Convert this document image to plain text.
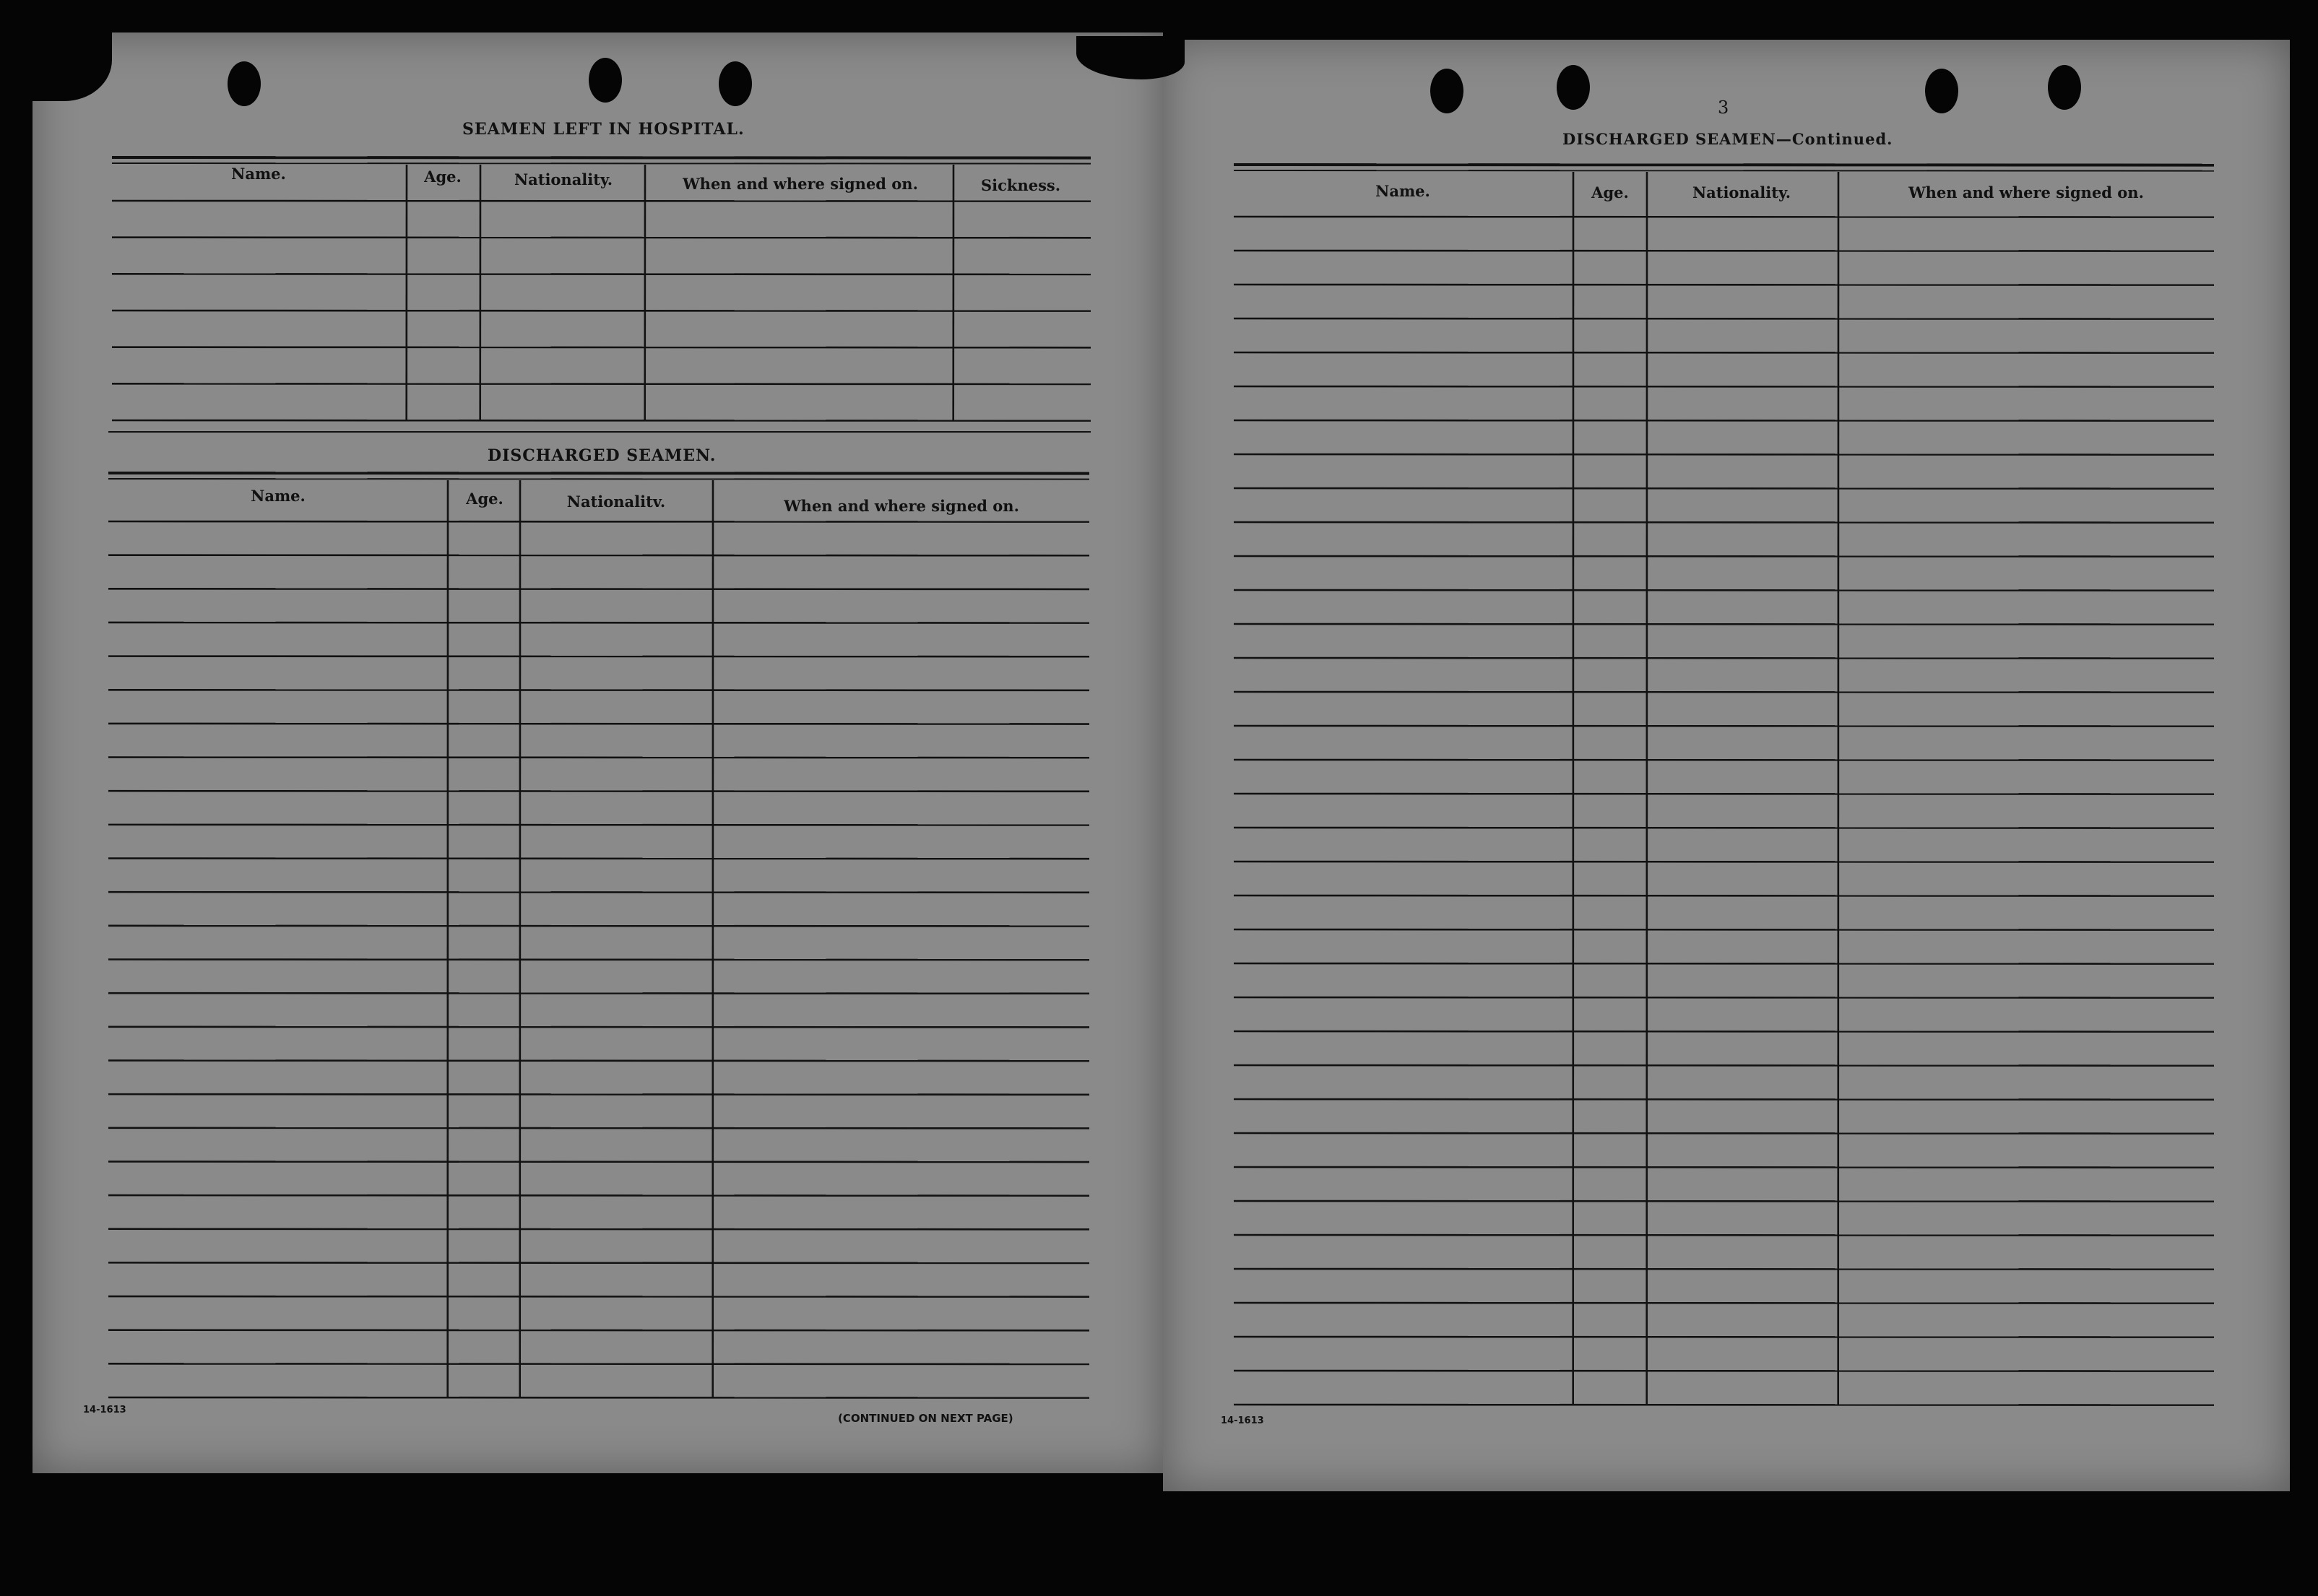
SEAMEN LEFT IN HOSPITAL.
Name.	Age.	Nationality.	When and where signed on.	Sickness.
DISCHARGED SEAMEN.
Name.	Age.	Nationalitv.	When and where signed on.
14-1613
(CONTINUED ON NEXT PAGE)
3
DISCHARGED SEAMEN—Continued.
Name.	Age.	Nationality.	When and where signed on.
14-1613
